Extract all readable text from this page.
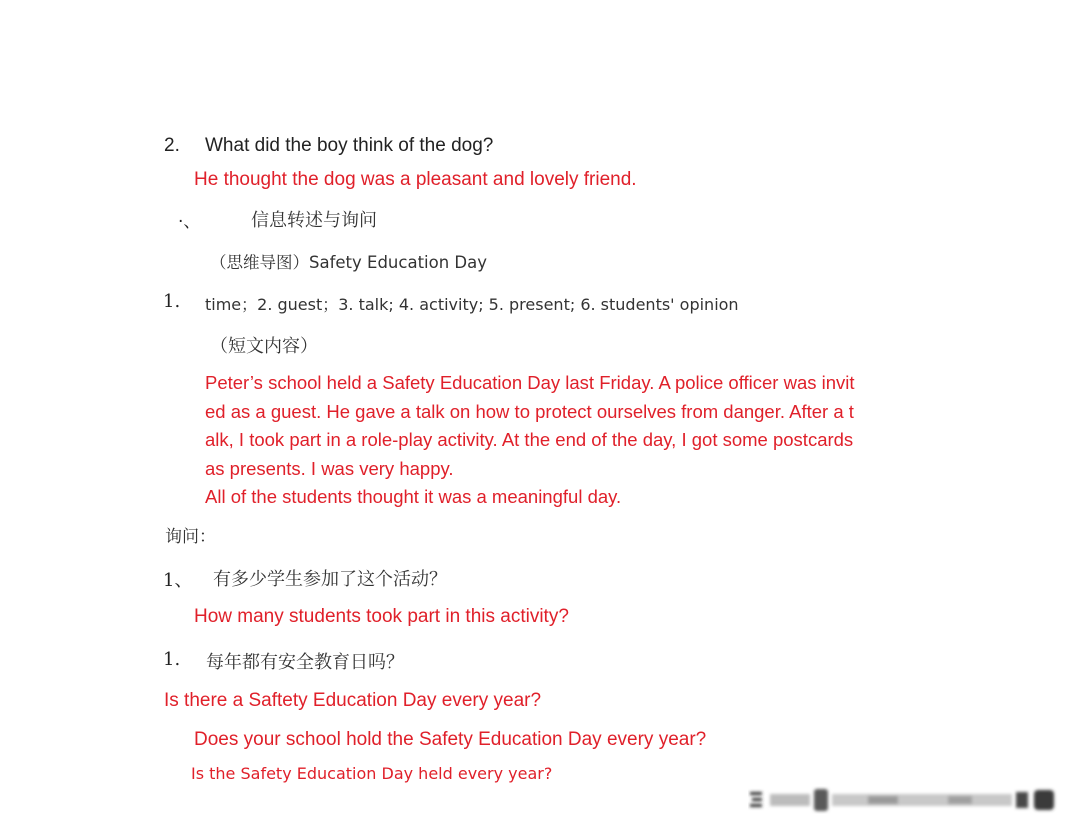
2. What did the boy think of the dog?
He thought the dog was a pleasant and lovely friend.
·、	信息转述与询问
（思维导图）Safety Education Day
1. time；2. guest；3. talk; 4. activity; 5. present; 6. students' opinion
（短文内容）
Peter’s school held a Safety Education Day last Friday. A police officer was invit
ed as a guest. He gave a talk on how to protect ourselves from danger. After a t
alk, I took part in a role-play activity. At the end of the day, I got some postcards
as presents. I was very happy.
All of the students thought it was a meaningful day.
询问：
1、 有多少学生参加了这个活动？
How many students took part in this activity?
1. 每年都有安全教育日吗？
Is there a Saftety Education Day every year?
Does your school hold the Safety Education Day every year?
Is the Safety Education Day held every year?
